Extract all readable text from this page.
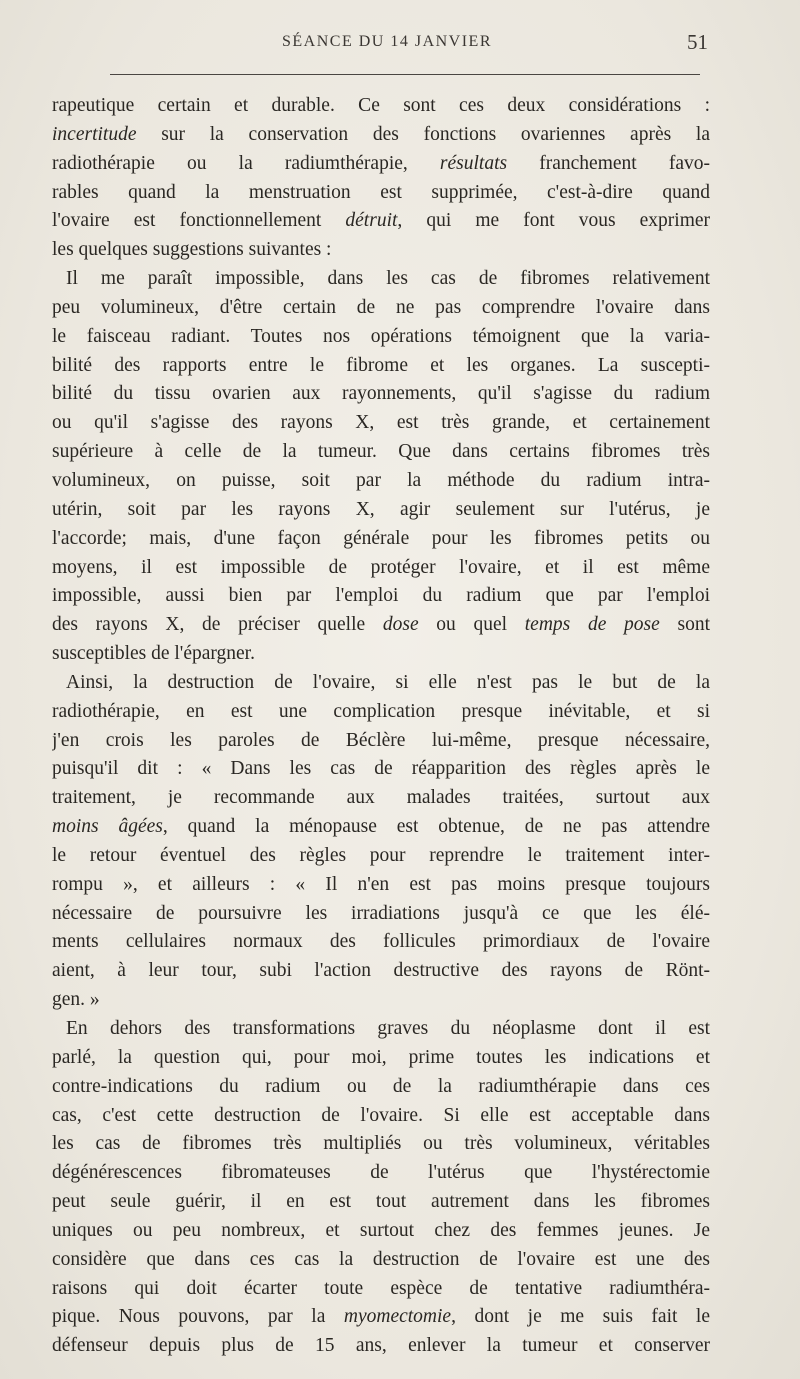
SÉANCE DU 14 JANVIER	51
rapeutique certain et durable. Ce sont ces deux considérations :
incertitude sur la conservation des fonctions ovariennes après la
radiothérapie ou la radiumthérapie, résultats franchement favo-
rables quand la menstruation est supprimée, c'est-à-dire quand
l'ovaire est fonctionnellement détruit, qui me font vous exprimer
les quelques suggestions suivantes :
Il me paraît impossible, dans les cas de fibromes relativement
peu volumineux, d'être certain de ne pas comprendre l'ovaire dans
le faisceau radiant. Toutes nos opérations témoignent que la varia-
bilité des rapports entre le fibrome et les organes. La suscepti-
bilité du tissu ovarien aux rayonnements, qu'il s'agisse du radium
ou qu'il s'agisse des rayons X, est très grande, et certainement
supérieure à celle de la tumeur. Que dans certains fibromes très
volumineux, on puisse, soit par la méthode du radium intra-
utérin, soit par les rayons X, agir seulement sur l'utérus, je
l'accorde; mais, d'une façon générale pour les fibromes petits ou
moyens, il est impossible de protéger l'ovaire, et il est même
impossible, aussi bien par l'emploi du radium que par l'emploi
des rayons X, de préciser quelle dose ou quel temps de pose sont
susceptibles de l'épargner.
Ainsi, la destruction de l'ovaire, si elle n'est pas le but de la
radiothérapie, en est une complication presque inévitable, et si
j'en crois les paroles de Béclère lui-même, presque nécessaire,
puisqu'il dit : « Dans les cas de réapparition des règles après le
traitement, je recommande aux malades traitées, surtout aux
moins âgées, quand la ménopause est obtenue, de ne pas attendre
le retour éventuel des règles pour reprendre le traitement inter-
rompu », et ailleurs : « Il n'en est pas moins presque toujours
nécessaire de poursuivre les irradiations jusqu'à ce que les élé-
ments cellulaires normaux des follicules primordiaux de l'ovaire
aient, à leur tour, subi l'action destructive des rayons de Rönt-
gen. »
En dehors des transformations graves du néoplasme dont il est
parlé, la question qui, pour moi, prime toutes les indications et
contre-indications du radium ou de la radiumthérapie dans ces
cas, c'est cette destruction de l'ovaire. Si elle est acceptable dans
les cas de fibromes très multipliés ou très volumineux, véritables
dégénérescences fibromateuses de l'utérus que l'hystérectomie
peut seule guérir, il en est tout autrement dans les fibromes
uniques ou peu nombreux, et surtout chez des femmes jeunes. Je
considère que dans ces cas la destruction de l'ovaire est une des
raisons qui doit écarter toute espèce de tentative radiumthéra-
pique. Nous pouvons, par la myomectomie, dont je me suis fait le
défenseur depuis plus de 15 ans, enlever la tumeur et conserver
